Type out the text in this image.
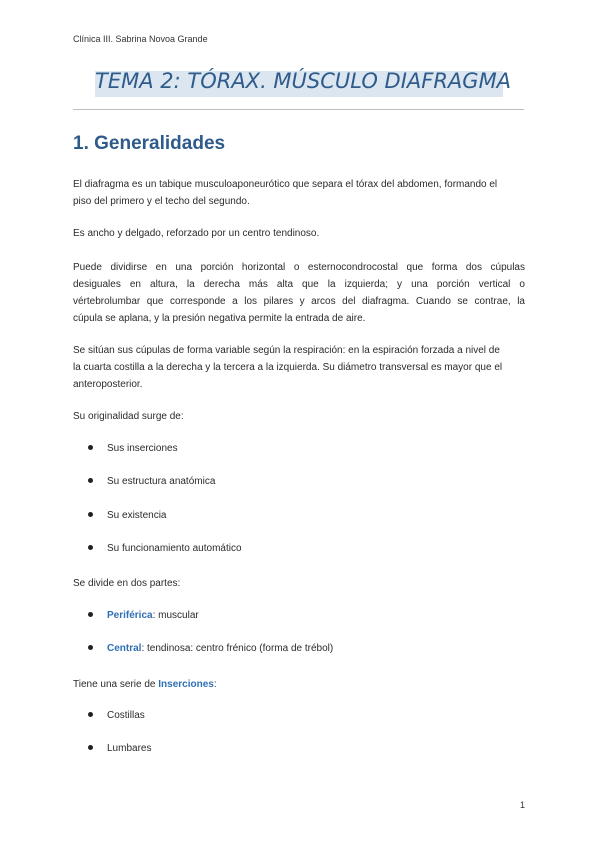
Clínica III. Sabrina Novoa Grande
TEMA 2: TÓRAX. MÚSCULO DIAFRAGMA
1. Generalidades
El diafragma es un tabique musculoaponeurótico que separa el tórax del abdomen, formando el
piso del primero y el techo del segundo.
Es ancho y delgado, reforzado por un centro tendinoso.
Puede dividirse en una porción horizontal o esternocondrocostal que forma dos cúpulas
desiguales en altura, la derecha más alta que la izquierda; y una porción vertical o
vértebrolumbar que corresponde a los pilares y arcos del diafragma. Cuando se contrae, la
cúpula se aplana, y la presión negativa permite la entrada de aire.
Se sitúan sus cúpulas de forma variable según la respiración: en la espiración forzada a nivel de
la cuarta costilla a la derecha y la tercera a la izquierda. Su diámetro transversal es mayor que el
anteroposterior.
Su originalidad surge de:
Sus inserciones
Su estructura anatómica
Su existencia
Su funcionamiento automático
Se divide en dos partes:
Periférica: muscular
Central: tendinosa: centro frénico (forma de trébol)
Tiene una serie de Inserciones:
Costillas
Lumbares
1
